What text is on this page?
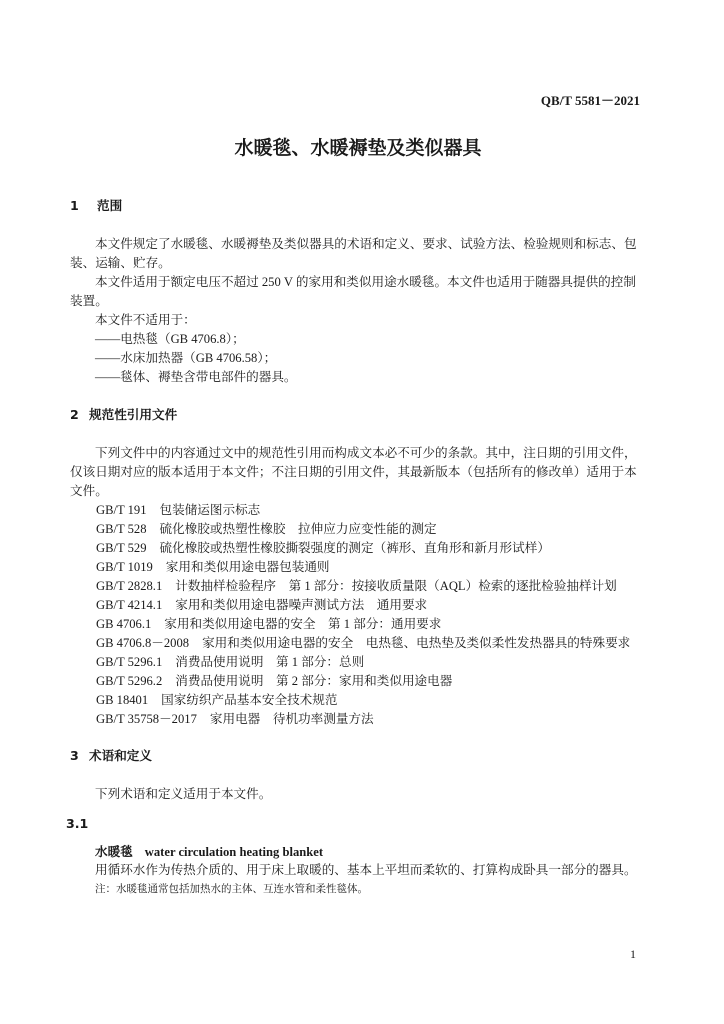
QB/T 5581－2021
水暖毯、水暖褥垫及类似器具
1 范围
本文件规定了水暖毯、水暖褥垫及类似器具的术语和定义、要求、试验方法、检验规则和标志、包
装、运输、贮存。
本文件适用于额定电压不超过 250 V 的家用和类似用途水暖毯。本文件也适用于随器具提供的控制
装置。
本文件不适用于：
——电热毯（GB 4706.8）；
——水床加热器（GB 4706.58）；
——毯体、褥垫含带电部件的器具。
2 规范性引用文件
下列文件中的内容通过文中的规范性引用而构成文本必不可少的条款。其中，注日期的引用文件，
仅该日期对应的版本适用于本文件；不注日期的引用文件，其最新版本（包括所有的修改单）适用于本
文件。
GB/T 191 包装储运图示标志
GB/T 528 硫化橡胶或热塑性橡胶　拉伸应力应变性能的测定
GB/T 529 硫化橡胶或热塑性橡胶撕裂强度的测定（裤形、直角形和新月形试样）
GB/T 1019 家用和类似用途电器包装通则
GB/T 2828.1 计数抽样检验程序　第 1 部分：按接收质量限（AQL）检索的逐批检验抽样计划
GB/T 4214.1 家用和类似用途电器噪声测试方法　通用要求
GB 4706.1 家用和类似用途电器的安全　第 1 部分：通用要求
GB 4706.8－2008 家用和类似用途电器的安全　电热毯、电热垫及类似柔性发热器具的特殊要求
GB/T 5296.1 消费品使用说明　第 1 部分：总则
GB/T 5296.2 消费品使用说明　第 2 部分：家用和类似用途电器
GB 18401 国家纺织产品基本安全技术规范
GB/T 35758－2017 家用电器　待机功率测量方法
3 术语和定义
下列术语和定义适用于本文件。
3.1
水暖毯 water circulation heating blanket
用循环水作为传热介质的、用于床上取暖的、基本上平坦而柔软的、打算构成卧具一部分的器具。
注：水暖毯通常包括加热水的主体、互连水管和柔性毯体。
1
